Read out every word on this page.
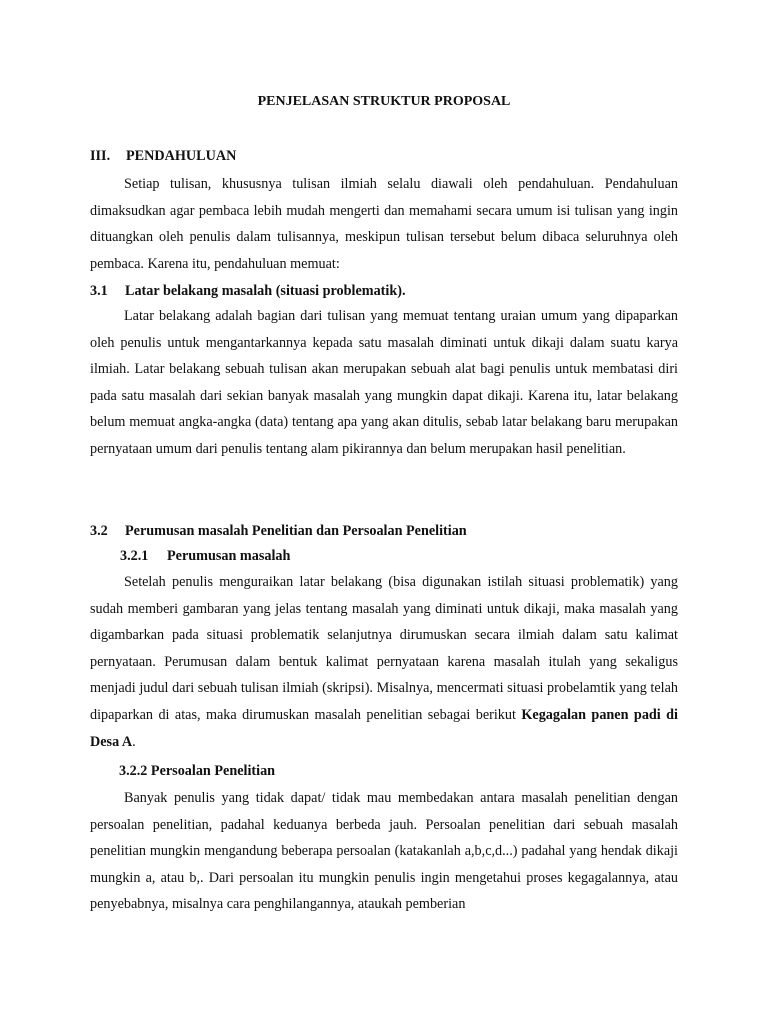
PENJELASAN STRUKTUR PROPOSAL
III. PENDAHULUAN
Setiap tulisan, khususnya tulisan ilmiah selalu diawali oleh pendahuluan. Pendahuluan dimaksudkan agar pembaca lebih mudah mengerti dan memahami secara umum isi tulisan yang ingin dituangkan oleh penulis dalam tulisannya, meskipun tulisan tersebut belum dibaca seluruhnya oleh pembaca. Karena itu, pendahuluan memuat:
3.1 Latar belakang masalah (situasi problematik).
Latar belakang adalah bagian dari tulisan yang memuat tentang uraian umum yang dipaparkan oleh penulis untuk mengantarkannya kepada satu masalah diminati untuk dikaji dalam suatu karya ilmiah. Latar belakang sebuah tulisan akan merupakan sebuah alat bagi penulis untuk membatasi diri pada satu masalah dari sekian banyak masalah yang mungkin dapat dikaji. Karena itu, latar belakang belum memuat angka-angka (data) tentang apa yang akan ditulis, sebab latar belakang baru merupakan pernyataan umum dari penulis tentang alam pikirannya dan belum merupakan hasil penelitian.
3.2 Perumusan masalah Penelitian dan Persoalan Penelitian
3.2.1 Perumusan masalah
Setelah penulis menguraikan latar belakang (bisa digunakan istilah situasi problematik) yang sudah memberi gambaran yang jelas tentang masalah yang diminati untuk dikaji, maka masalah yang digambarkan pada situasi problematik selanjutnya dirumuskan secara ilmiah dalam satu kalimat pernyataan. Perumusan dalam bentuk kalimat pernyataan karena masalah itulah yang sekaligus menjadi judul dari sebuah tulisan ilmiah (skripsi). Misalnya, mencermati situasi probelamtik yang telah dipaparkan di atas, maka dirumuskan masalah penelitian sebagai berikut Kegagalan panen padi di Desa A.
3.2.2 Persoalan Penelitian
Banyak penulis yang tidak dapat/ tidak mau membedakan antara masalah penelitian dengan persoalan penelitian, padahal keduanya berbeda jauh. Persoalan penelitian dari sebuah masalah penelitian mungkin mengandung beberapa persoalan (katakanlah a,b,c,d...) padahal yang hendak dikaji mungkin a, atau b,. Dari persoalan itu mungkin penulis ingin mengetahui proses kegagalannya, atau penyebabnya, misalnya cara penghilangannya, ataukah pemberian
